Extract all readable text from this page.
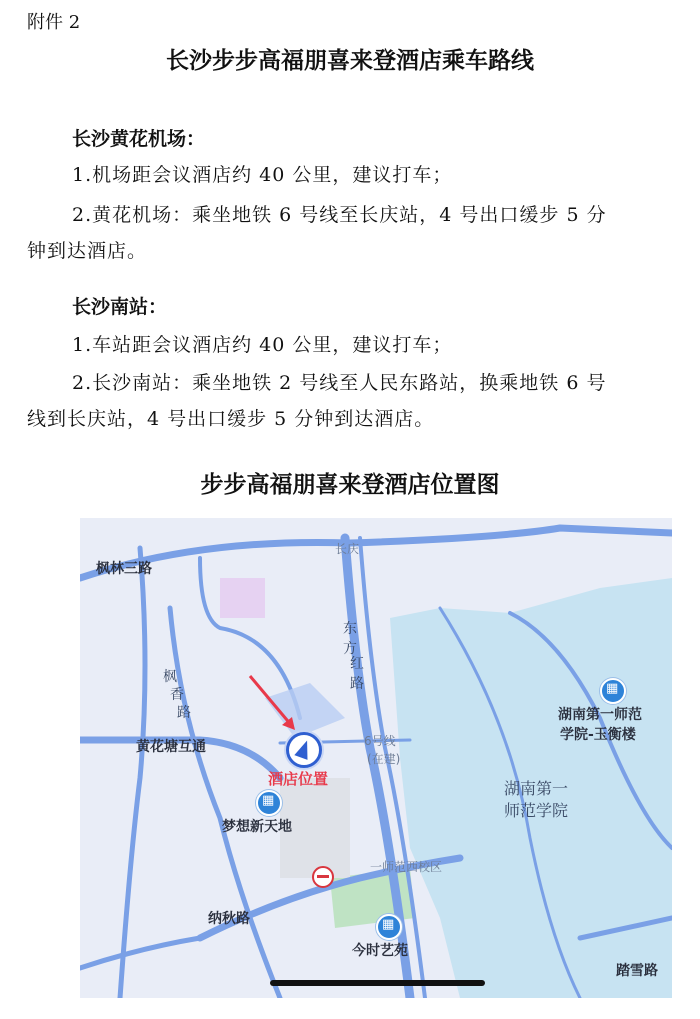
附件 2
长沙步步高福朋喜来登酒店乘车路线
长沙黄花机场：
1.机场距会议酒店约 40 公里，建议打车；
2.黄花机场：乘坐地铁 6 号线至长庆站，4 号出口缓步 5 分
钟到达酒店。
长沙南站：
1.车站距会议酒店约 40 公里，建议打车；
2.长沙南站：乘坐地铁 2 号线至人民东路站，换乘地铁 6 号
线到长庆站，4 号出口缓步 5 分钟到达酒店。
步步高福朋喜来登酒店位置图
枫林三路
长庆
东方
红路
枫
香
路
黄花塘互通	6号线
(在建)
酒店位置
▦
梦想新天地
▦
湖南第一师范
学院-玉衡楼
湖南第一
师范学院
一师范西校区
纳秋路
▦
今时艺苑
踏雪路
